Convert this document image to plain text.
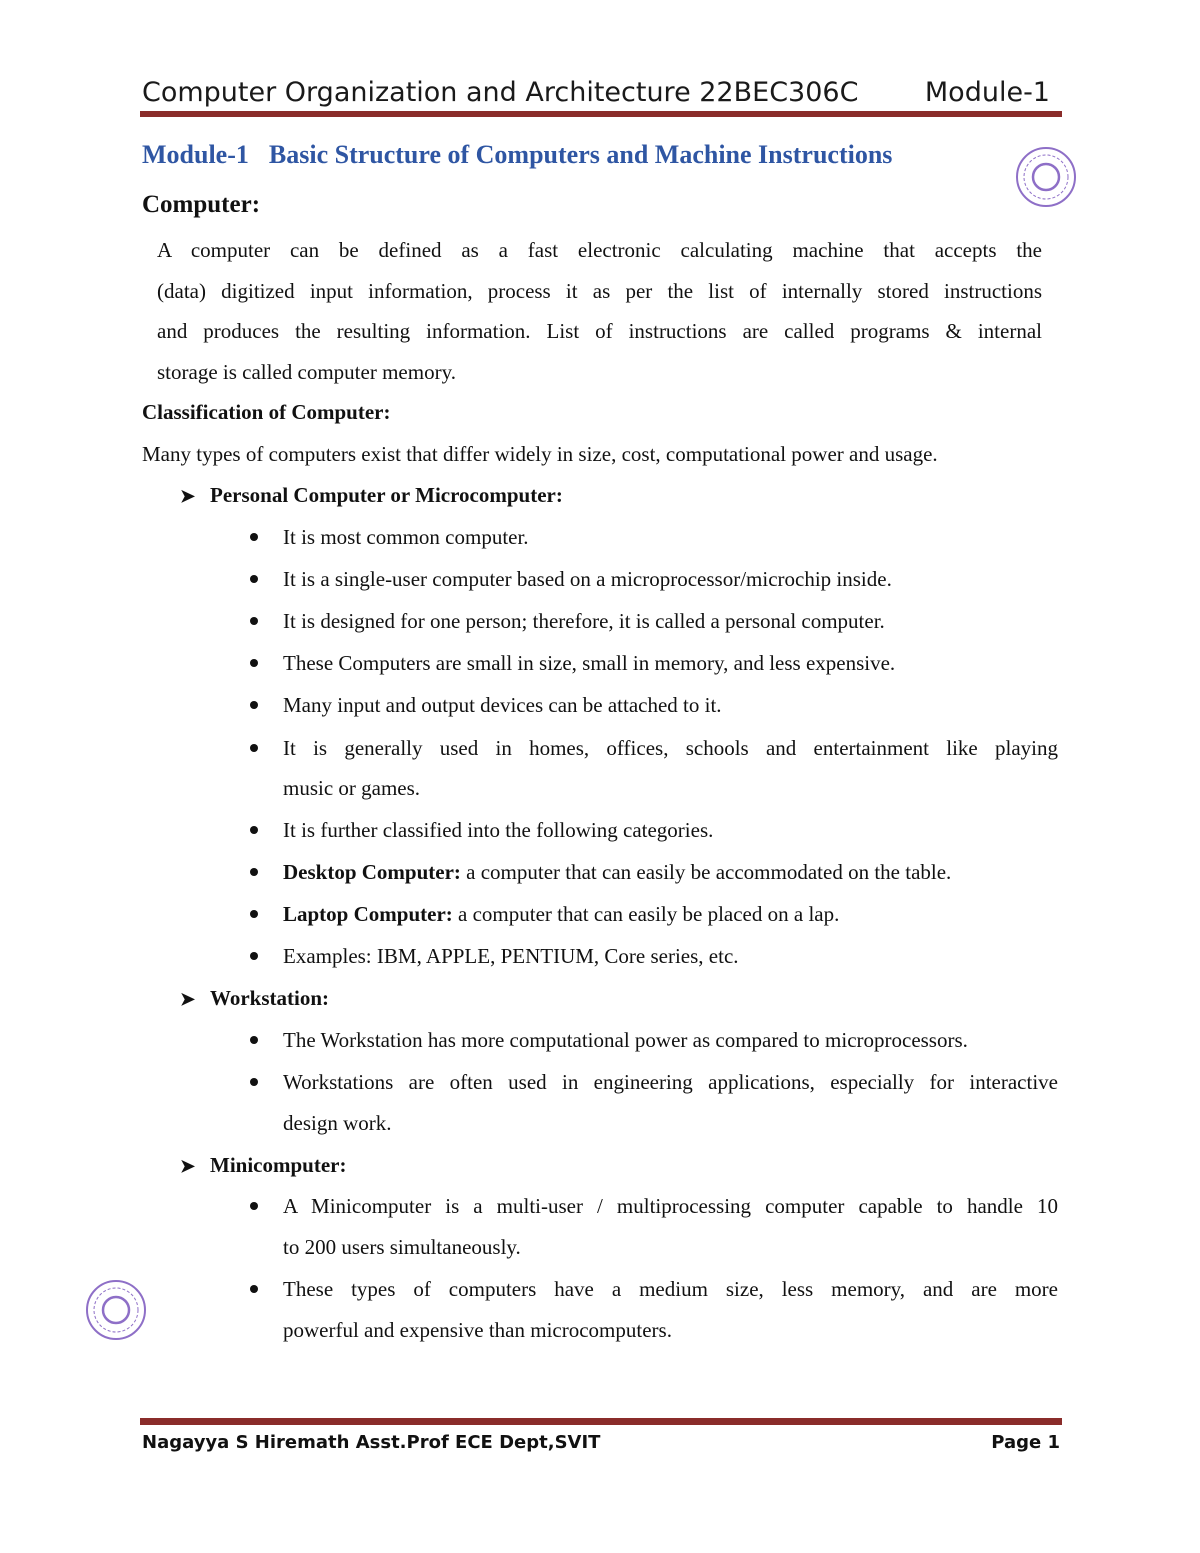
Computer Organization and Architecture 22BEC306C Module-1
Module-1 Basic Structure of Computers and Machine Instructions
Computer:
A computer can be defined as a fast electronic calculating machine that accepts the
(data) digitized input information, process it as per the list of internally stored instructions
and produces the resulting information. List of instructions are called programs & internal
storage is called computer memory.
Classification of Computer:
Many types of computers exist that differ widely in size, cost, computational power and usage.
➤ Personal Computer or Microcomputer:
It is most common computer.
It is a single-user computer based on a microprocessor/microchip inside.
It is designed for one person; therefore, it is called a personal computer.
These Computers are small in size, small in memory, and less expensive.
Many input and output devices can be attached to it.
It is generally used in homes, offices, schools and entertainment like playing
music or games.
It is further classified into the following categories.
Desktop Computer: a computer that can easily be accommodated on the table.
Laptop Computer: a computer that can easily be placed on a lap.
Examples: IBM, APPLE, PENTIUM, Core series, etc.
➤ Workstation:
The Workstation has more computational power as compared to microprocessors.
Workstations are often used in engineering applications, especially for interactive
design work.
➤ Minicomputer:
A Minicomputer is a multi-user / multiprocessing computer capable to handle 10
to 200 users simultaneously.
These types of computers have a medium size, less memory, and are more
powerful and expensive than microcomputers.
Nagayya S Hiremath Asst.Prof ECE Dept,SVIT	Page 1
